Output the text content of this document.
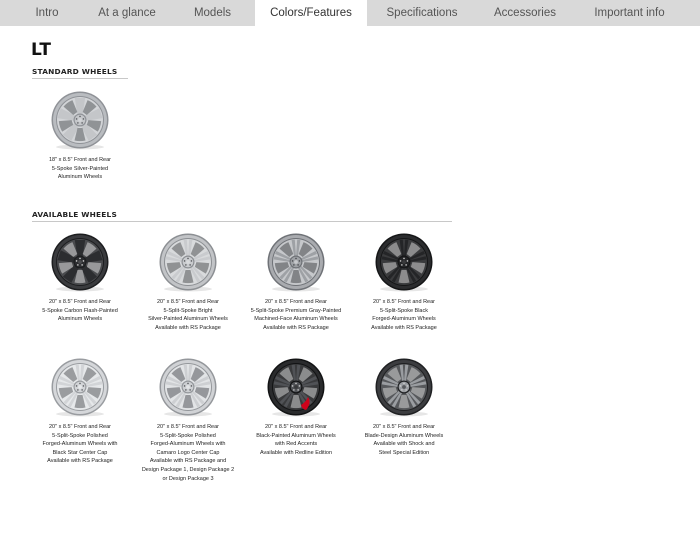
Intro	At a glance	Models	Colors/Features	Specifications	Accessories	Important info
LT
STANDARD WHEELS
18" x 8.5" Front and Rear
5-Spoke Silver-Painted
Aluminum Wheels
AVAILABLE WHEELS
20" x 8.5" Front and Rear
5-Spoke Carbon Flash-Painted
Aluminum Wheels
20" x 8.5" Front and Rear
5-Split-Spoke Bright
Silver-Painted Aluminum Wheels
Available with RS Package
20" x 8.5" Front and Rear
5-Split-Spoke Premium Gray-Painted
Machined-Face Aluminum Wheels
Available with RS Package
20" x 8.5" Front and Rear
5-Split-Spoke Black
Forged-Aluminum Wheels
Available with RS Package
20" x 8.5" Front and Rear
5-Split-Spoke Polished
Forged-Aluminum Wheels with
Black Star Center Cap
Available with RS Package
20" x 8.5" Front and Rear
5-Split-Spoke Polished
Forged-Aluminum Wheels with
Camaro Logo Center Cap
Available with RS Package and
Design Package 1, Design Package 2
or Design Package 3
20" x 8.5" Front and Rear
Black-Painted Aluminum Wheels
with Red Accents
Available with Redline Edition
20" x 8.5" Front and Rear
Blade-Design Aluminum Wheels
Available with Shock and
Steel Special Edition
